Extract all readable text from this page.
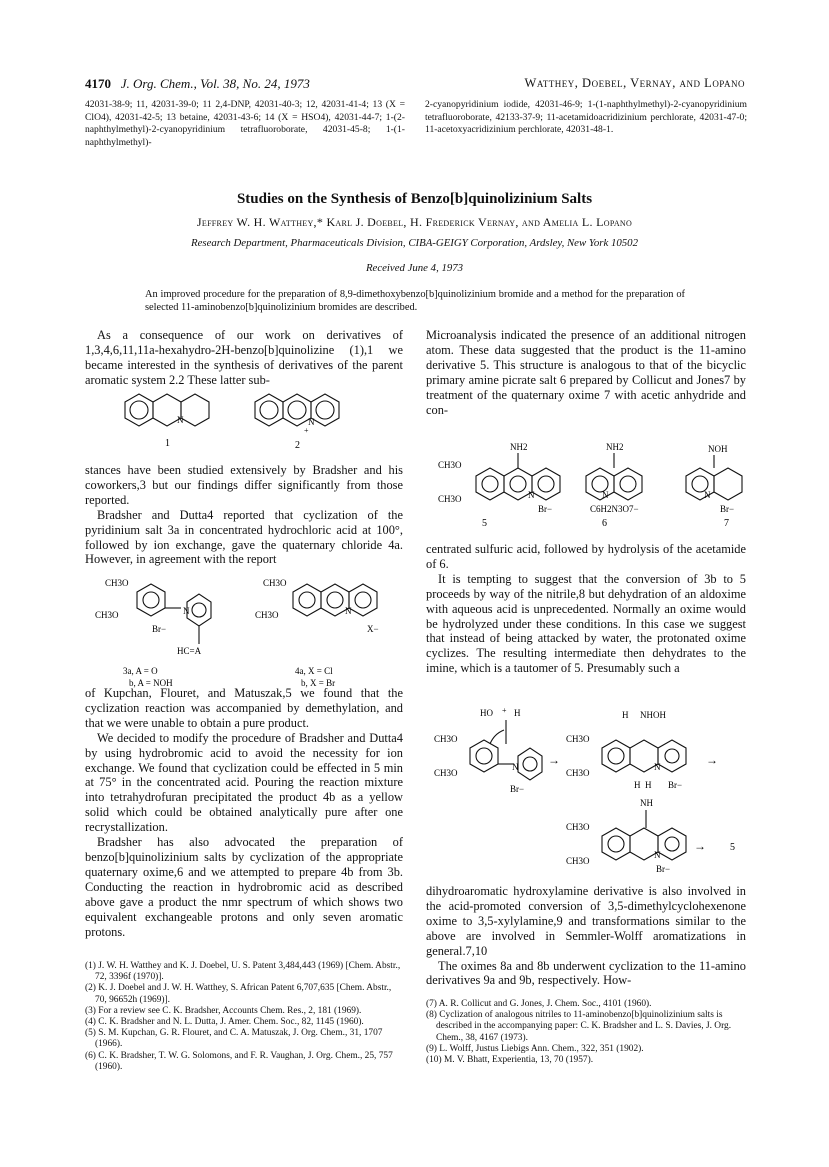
4170 J. Org. Chem., Vol. 38, No. 24, 1973	Watthey, Doebel, Vernay, and Lopano
42031-38-9; 11, 42031-39-0; 11 2,4-DNP, 42031-40-3; 12, 42031-41-4; 13 (X = ClO4), 42031-42-5; 13 betaine, 42031-43-6; 14 (X = HSO4), 42031-44-7; 1-(2-naphthylmethyl)-2-cyanopyridinium tetrafluoroborate, 42031-45-8; 1-(1-naphthylmethyl)-
2-cyanopyridinium iodide, 42031-46-9; 1-(1-naphthylmethyl)-2-cyanopyridinium tetrafluoroborate, 42133-37-9; 11-acetamidoacridizinium perchlorate, 42031-47-0; 11-acetoxyacridizinium perchlorate, 42031-48-1.
Studies on the Synthesis of Benzo[b]quinolizinium Salts
Jeffrey W. H. Watthey,* Karl J. Doebel, H. Frederick Vernay, and Amelia L. Lopano
Research Department, Pharmaceuticals Division, CIBA-GEIGY Corporation, Ardsley, New York 10502
Received June 4, 1973
An improved procedure for the preparation of 8,9-dimethoxybenzo[b]quinolizinium bromide and a method for the preparation of selected 11-aminobenzo[b]quinolizinium bromides are described.

As a consequence of our work on derivatives of 1,3,4,6,11,11a-hexahydro-2H-benzo[b]quinolizine (1),1 we became interested in the synthesis of derivatives of the parent aromatic system 2.2 These latter sub-

N
1
N
+
2

stances have been studied extensively by Bradsher and his coworkers,3 but our findings differ significantly from those reported.

Bradsher and Dutta4 reported that cyclization of the pyridinium salt 3a in concentrated hydrochloric acid at 100°, followed by ion exchange, gave the quaternary chloride 4a. However, in agreement with the report

CH3O
CH3O	N
Br−
HC=A
3a, A = O
b, A = NOH
CH3O
CH3O	N
X−
4a, X = Cl
b, X = Br

of Kupchan, Flouret, and Matuszak,5 we found that the cyclization reaction was accompanied by demethylation, and that we were unable to obtain a pure product.

We decided to modify the procedure of Bradsher and Dutta4 by using hydrobromic acid to avoid the necessity for ion exchange. We found that cyclization could be effected in 5 min at 75° in the concentrated acid. Pouring the reaction mixture into tetrahydrofuran precipitated the product 4b as a yellow solid which could be obtained analytically pure after one recrystallization.

Bradsher has also advocated the preparation of benzo[b]quinolizinium salts by cyclization of the appropriate quaternary oxime,6 and we attempted to prepare 4b from 3b. Conducting the reaction in hydrobromic acid as described above gave a product the nmr spectrum of which shows two equivalent exchangeable protons and only seven aromatic protons.

(1) J. W. H. Watthey and K. J. Doebel, U. S. Patent 3,484,443 (1969) [Chem. Abstr., 72, 3396f (1970)].
(2) K. J. Doebel and J. W. H. Watthey, S. African Patent 6,707,635 [Chem. Abstr., 70, 96652h (1969)].
(3) For a review see C. K. Bradsher, Accounts Chem. Res., 2, 181 (1969).
(4) C. K. Bradsher and N. L. Dutta, J. Amer. Chem. Soc., 82, 1145 (1960).
(5) S. M. Kupchan, G. R. Flouret, and C. A. Matuszak, J. Org. Chem., 31, 1707 (1966).
(6) C. K. Bradsher, T. W. G. Solomons, and F. R. Vaughan, J. Org. Chem., 25, 757 (1960).

Microanalysis indicated the presence of an additional nitrogen atom. These data suggested that the product is the 11-amino derivative 5. This structure is analogous to that of the bicyclic primary amine picrate salt 6 prepared by Collicut and Jones7 by treatment of the quaternary oxime 7 with acetic anhydride and con-

NH2
CH3O
CH3O	N
Br−
5
NH2
N
C6H2N3O7−
6
NOH
N
Br−
7

centrated sulfuric acid, followed by hydrolysis of the acetamide of 6.

It is tempting to suggest that the conversion of 3b to 5 proceeds by way of the nitrile,8 but dehydration of an aldoxime with aqueous acid is unprecedented. Normally an oxime would be hydrolyzed under these conditions. In this case we suggest that instead of being attacked by water, the protonated oxime cyclizes. The resulting intermediate then dehydrates to the imine, which is a tautomer of 5. Presumably such a

HO H
+
CH3O
CH3O
N
Br−
→
H NHOH
CH3O
CH3O
N
H  H Br−
→
NH
CH3O
CH3O
N
Br−
→ 5

dihydroaromatic hydroxylamine derivative is also involved in the acid-promoted conversion of 3,5-dimethylcyclohexenone oxime to 3,5-xylylamine,9 and transformations similar to the above are involved in Semmler-Wolff aromatizations in general.7,10

The oximes 8a and 8b underwent cyclization to the 11-amino derivatives 9a and 9b, respectively. How-

(7) A. R. Collicut and G. Jones, J. Chem. Soc., 4101 (1960).
(8) Cyclization of analogous nitriles to 11-aminobenzo[b]quinolizinium salts is described in the accompanying paper: C. K. Bradsher and L. S. Davies, J. Org. Chem., 38, 4167 (1973).
(9) L. Wolff, Justus Liebigs Ann. Chem., 322, 351 (1902).
(10) M. V. Bhatt, Experientia, 13, 70 (1957).
